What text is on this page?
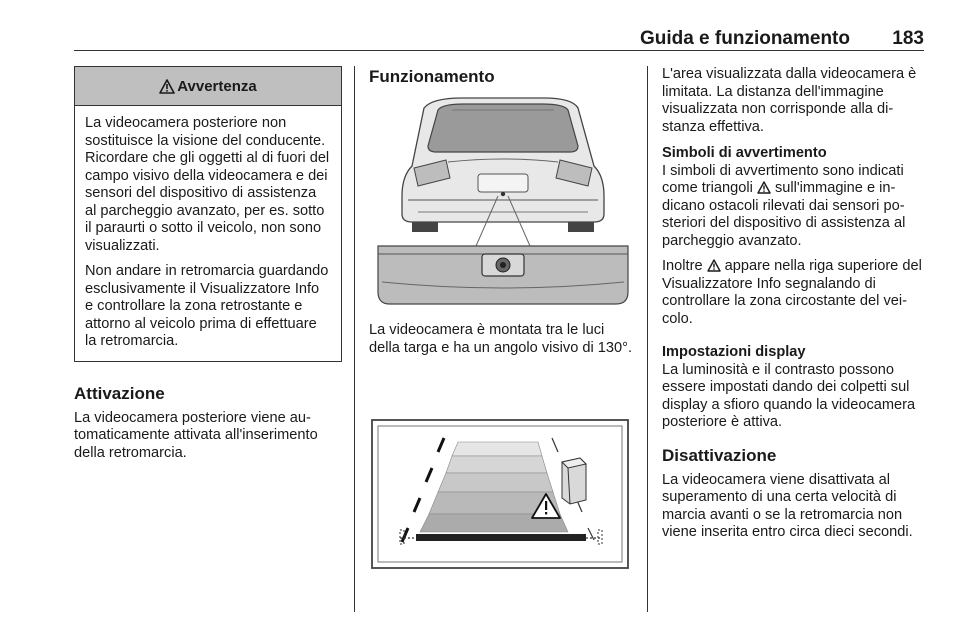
Guida e funzionamento 183
Avvertenza

La videocamera posteriore non sostituisce la visione del conducente. Ricordare che gli oggetti al di fuori del campo visivo della videocamera e dei sensori del dispositivo di assistenza al parcheggio avanzato, per es. sotto il paraurti o sotto il veicolo, non sono visualizzati.

Non andare in retromarcia guardando esclusivamente il Visualizzatore Info e controllare la zona retrostante e attorno al veicolo prima di effettuare la retromarcia.

Attivazione

La videocamera posteriore viene automaticamente attivata all'inserimento della retromarcia.

Funzionamento

La videocamera è montata tra le luci della targa e ha un angolo visivo di 130°.

L'area visualizzata dalla videocamera è limitata. La distanza dell'immagine visualizzata non corrisponde alla distanza effettiva.

Simboli di avvertimento

I simboli di avvertimento sono indicati come triangoli  sull'immagine e indicano ostacoli rilevati dai sensori posteriori del dispositivo di assistenza al parcheggio avanzato.

Inoltre  appare nella riga superiore del Visualizzatore Info segnalando di controllare la zona circostante del veicolo.

Impostazioni display

La luminosità e il contrasto possono essere impostati dando dei colpetti sul display a sfioro quando la videocamera posteriore è attiva.

Disattivazione

La videocamera viene disattivata al superamento di una certa velocità di marcia avanti o se la retromarcia non viene inserita entro circa dieci secondi.
